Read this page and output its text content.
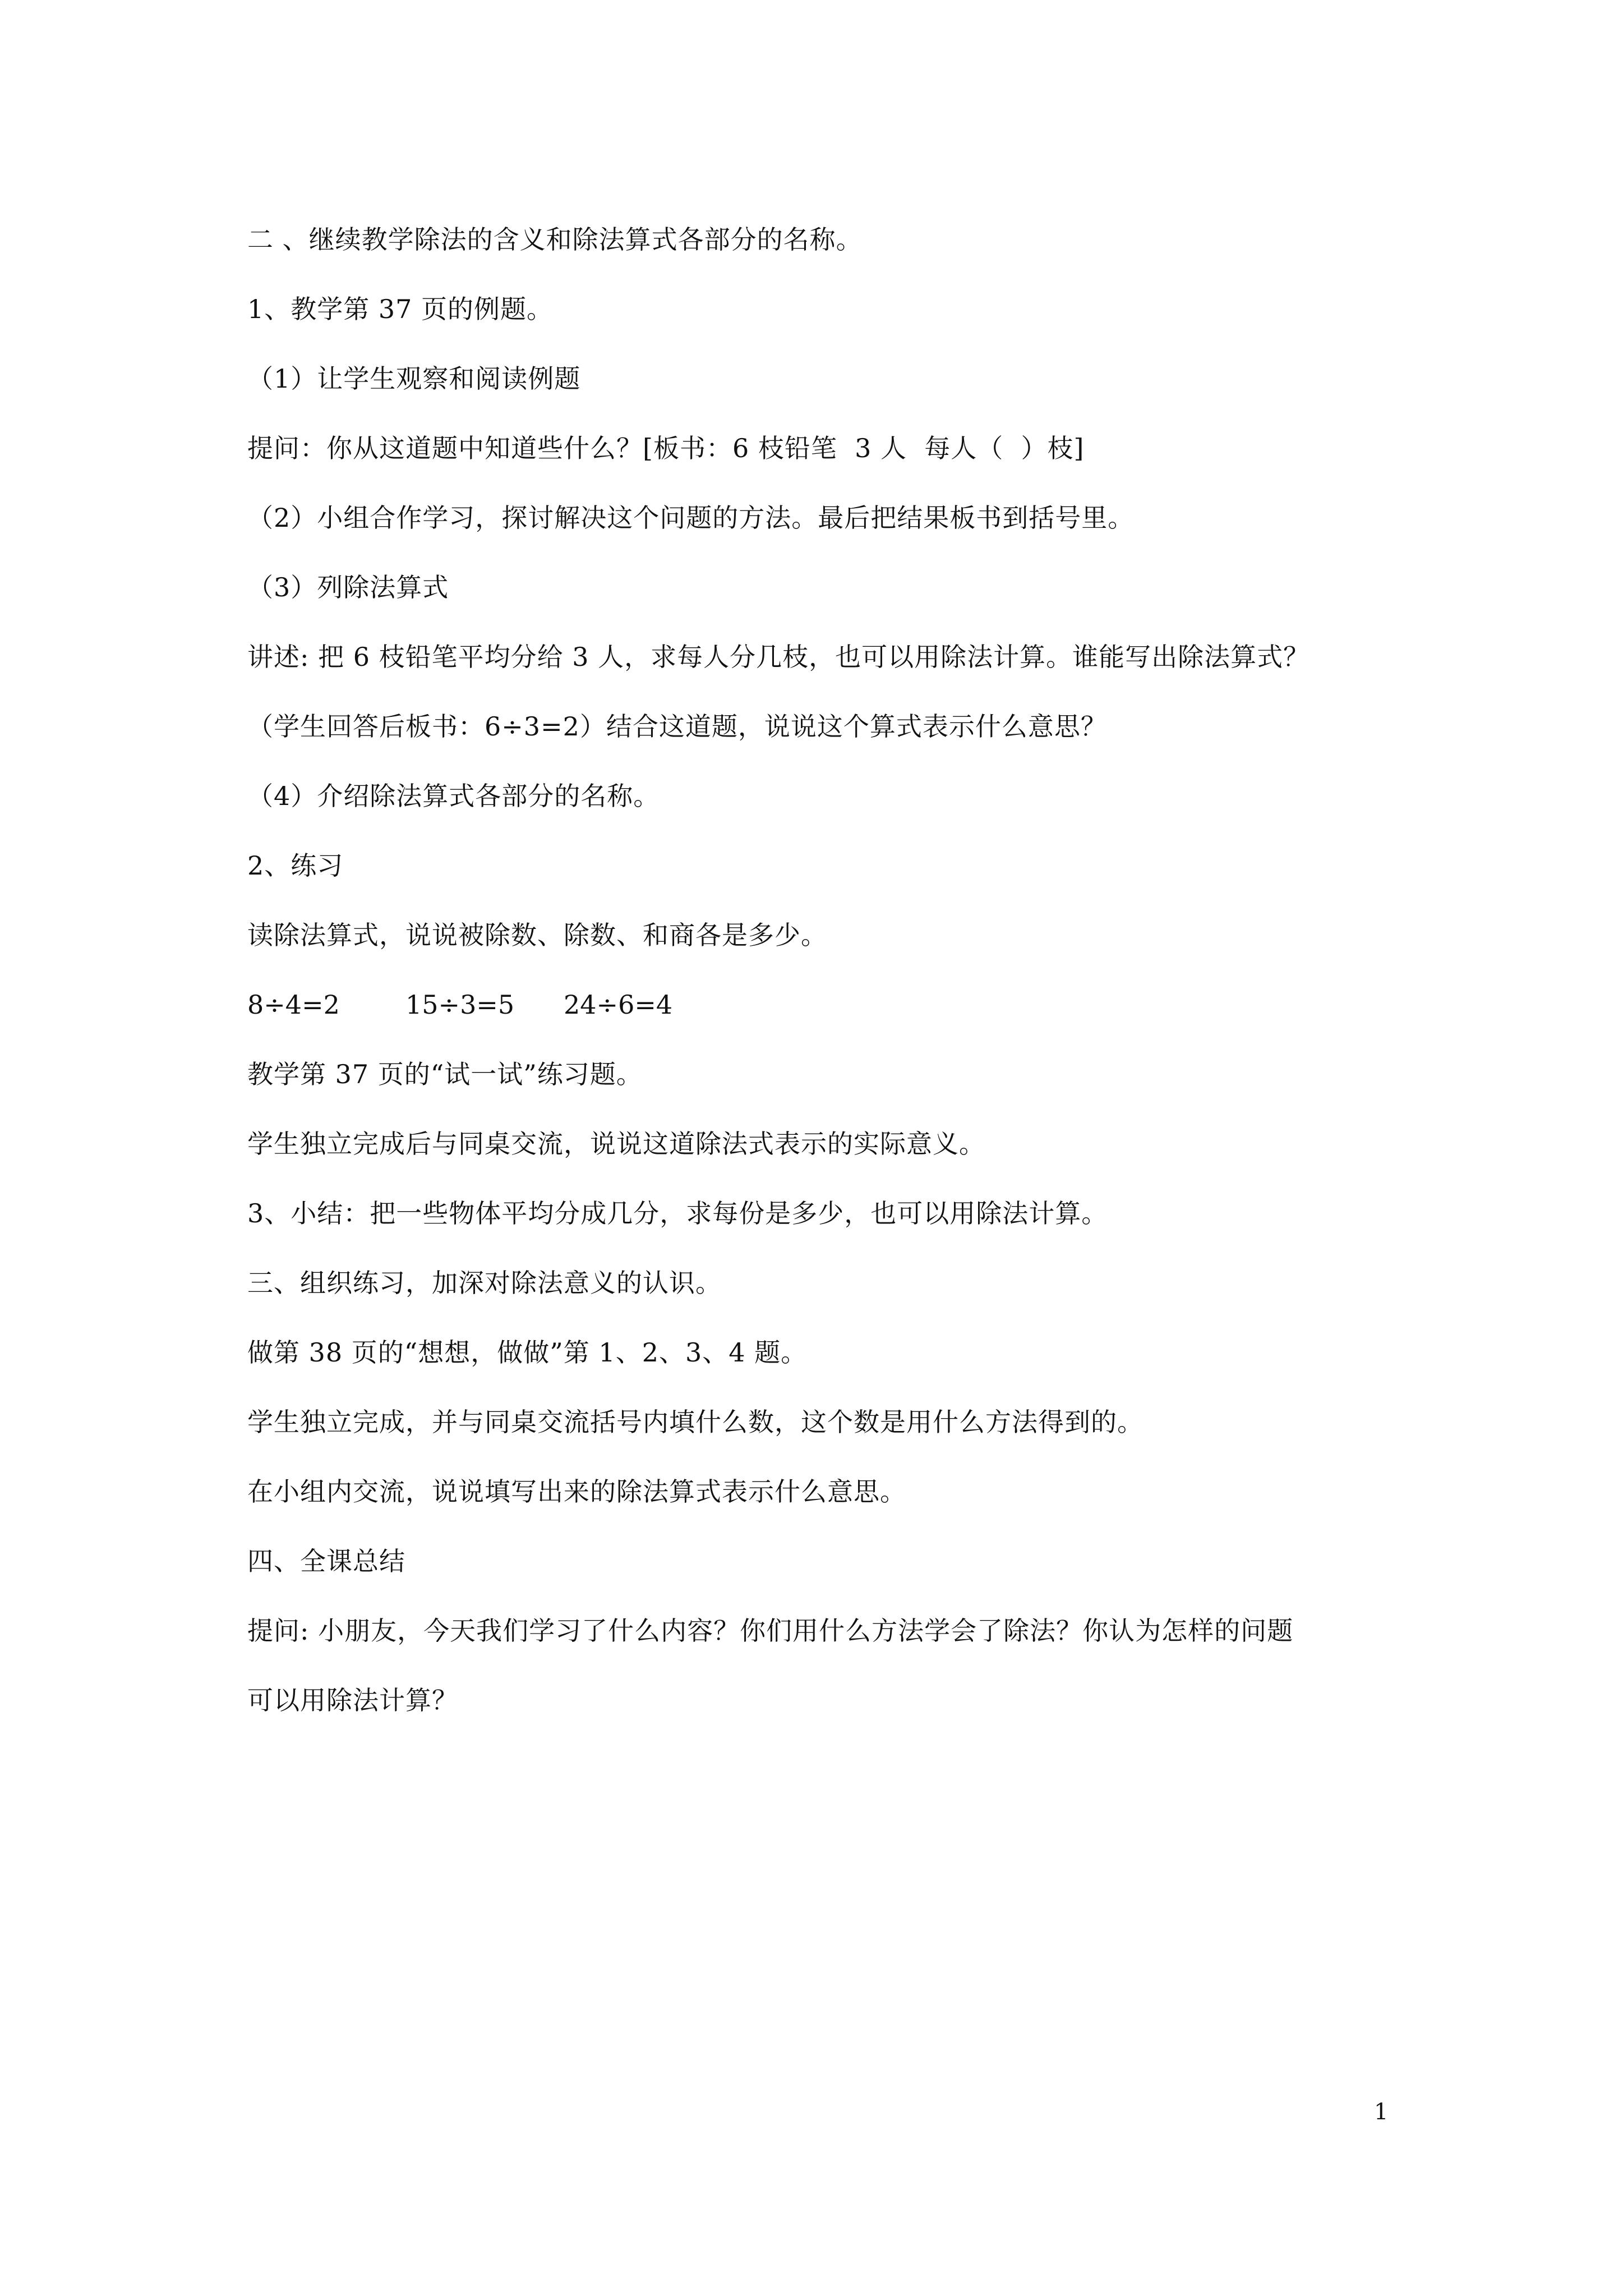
二 、继续教学除法的含义和除法算式各部分的名称。

1、教学第 37 页的例题。

（1）让学生观察和阅读例题

提问：你从这道题中知道些什么？[板书：6 枝铅笔  3 人  每人（  ）枝]

（2）小组合作学习，探讨解决这个问题的方法。最后把结果板书到括号里。

（3）列除法算式

讲述: 把 6 枝铅笔平均分给 3 人，求每人分几枝，也可以用除法计算。谁能写出除法算式？

（学生回答后板书：6÷3=2）结合这道题，说说这个算式表示什么意思？

（4）介绍除法算式各部分的名称。

2、练习

读除法算式，说说被除数、除数、和商各是多少。

8÷4=2	15÷3=5	24÷6=4

教学第 37 页的“试一试”练习题。

学生独立完成后与同桌交流，说说这道除法式表示的实际意义。

3、小结：把一些物体平均分成几分，求每份是多少，也可以用除法计算。

三、组织练习，加深对除法意义的认识。

做第 38 页的“想想，做做”第 1、2、3、4 题。

学生独立完成，并与同桌交流括号内填什么数，这个数是用什么方法得到的。

在小组内交流，说说填写出来的除法算式表示什么意思。

四、全课总结

提问: 小朋友，今天我们学习了什么内容？你们用什么方法学会了除法？你认为怎样的问题

可以用除法计算？

1
